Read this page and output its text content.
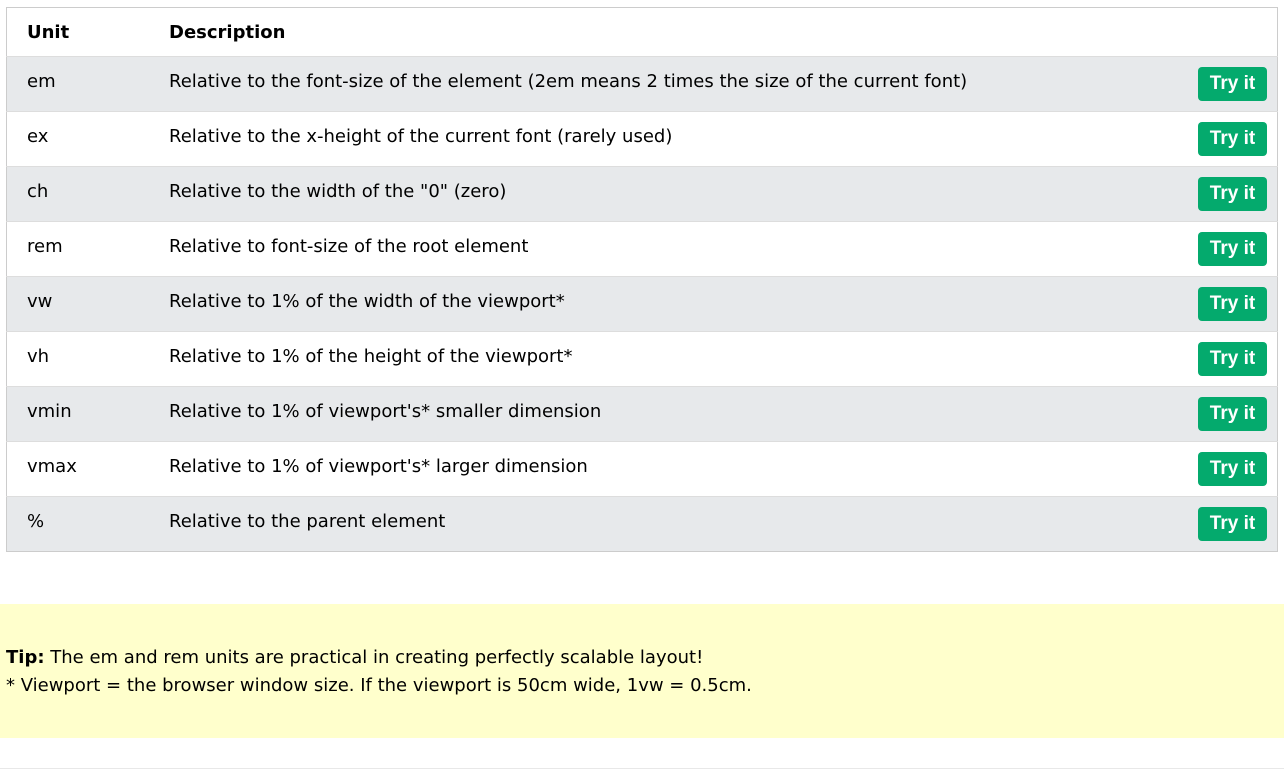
Unit	Description	
em	Relative to the font-size of the element (2em means 2 times the size of the current font)	Try it
ex	Relative to the x-height of the current font (rarely used)	Try it
ch	Relative to the width of the "0" (zero)	Try it
rem	Relative to font-size of the root element	Try it
vw	Relative to 1% of the width of the viewport*	Try it
vh	Relative to 1% of the height of the viewport*	Try it
vmin	Relative to 1% of viewport's* smaller dimension	Try it
vmax	Relative to 1% of viewport's* larger dimension	Try it
%	Relative to the parent element	Try it
Tip: The em and rem units are practical in creating perfectly scalable layout!
* Viewport = the browser window size. If the viewport is 50cm wide, 1vw = 0.5cm.
